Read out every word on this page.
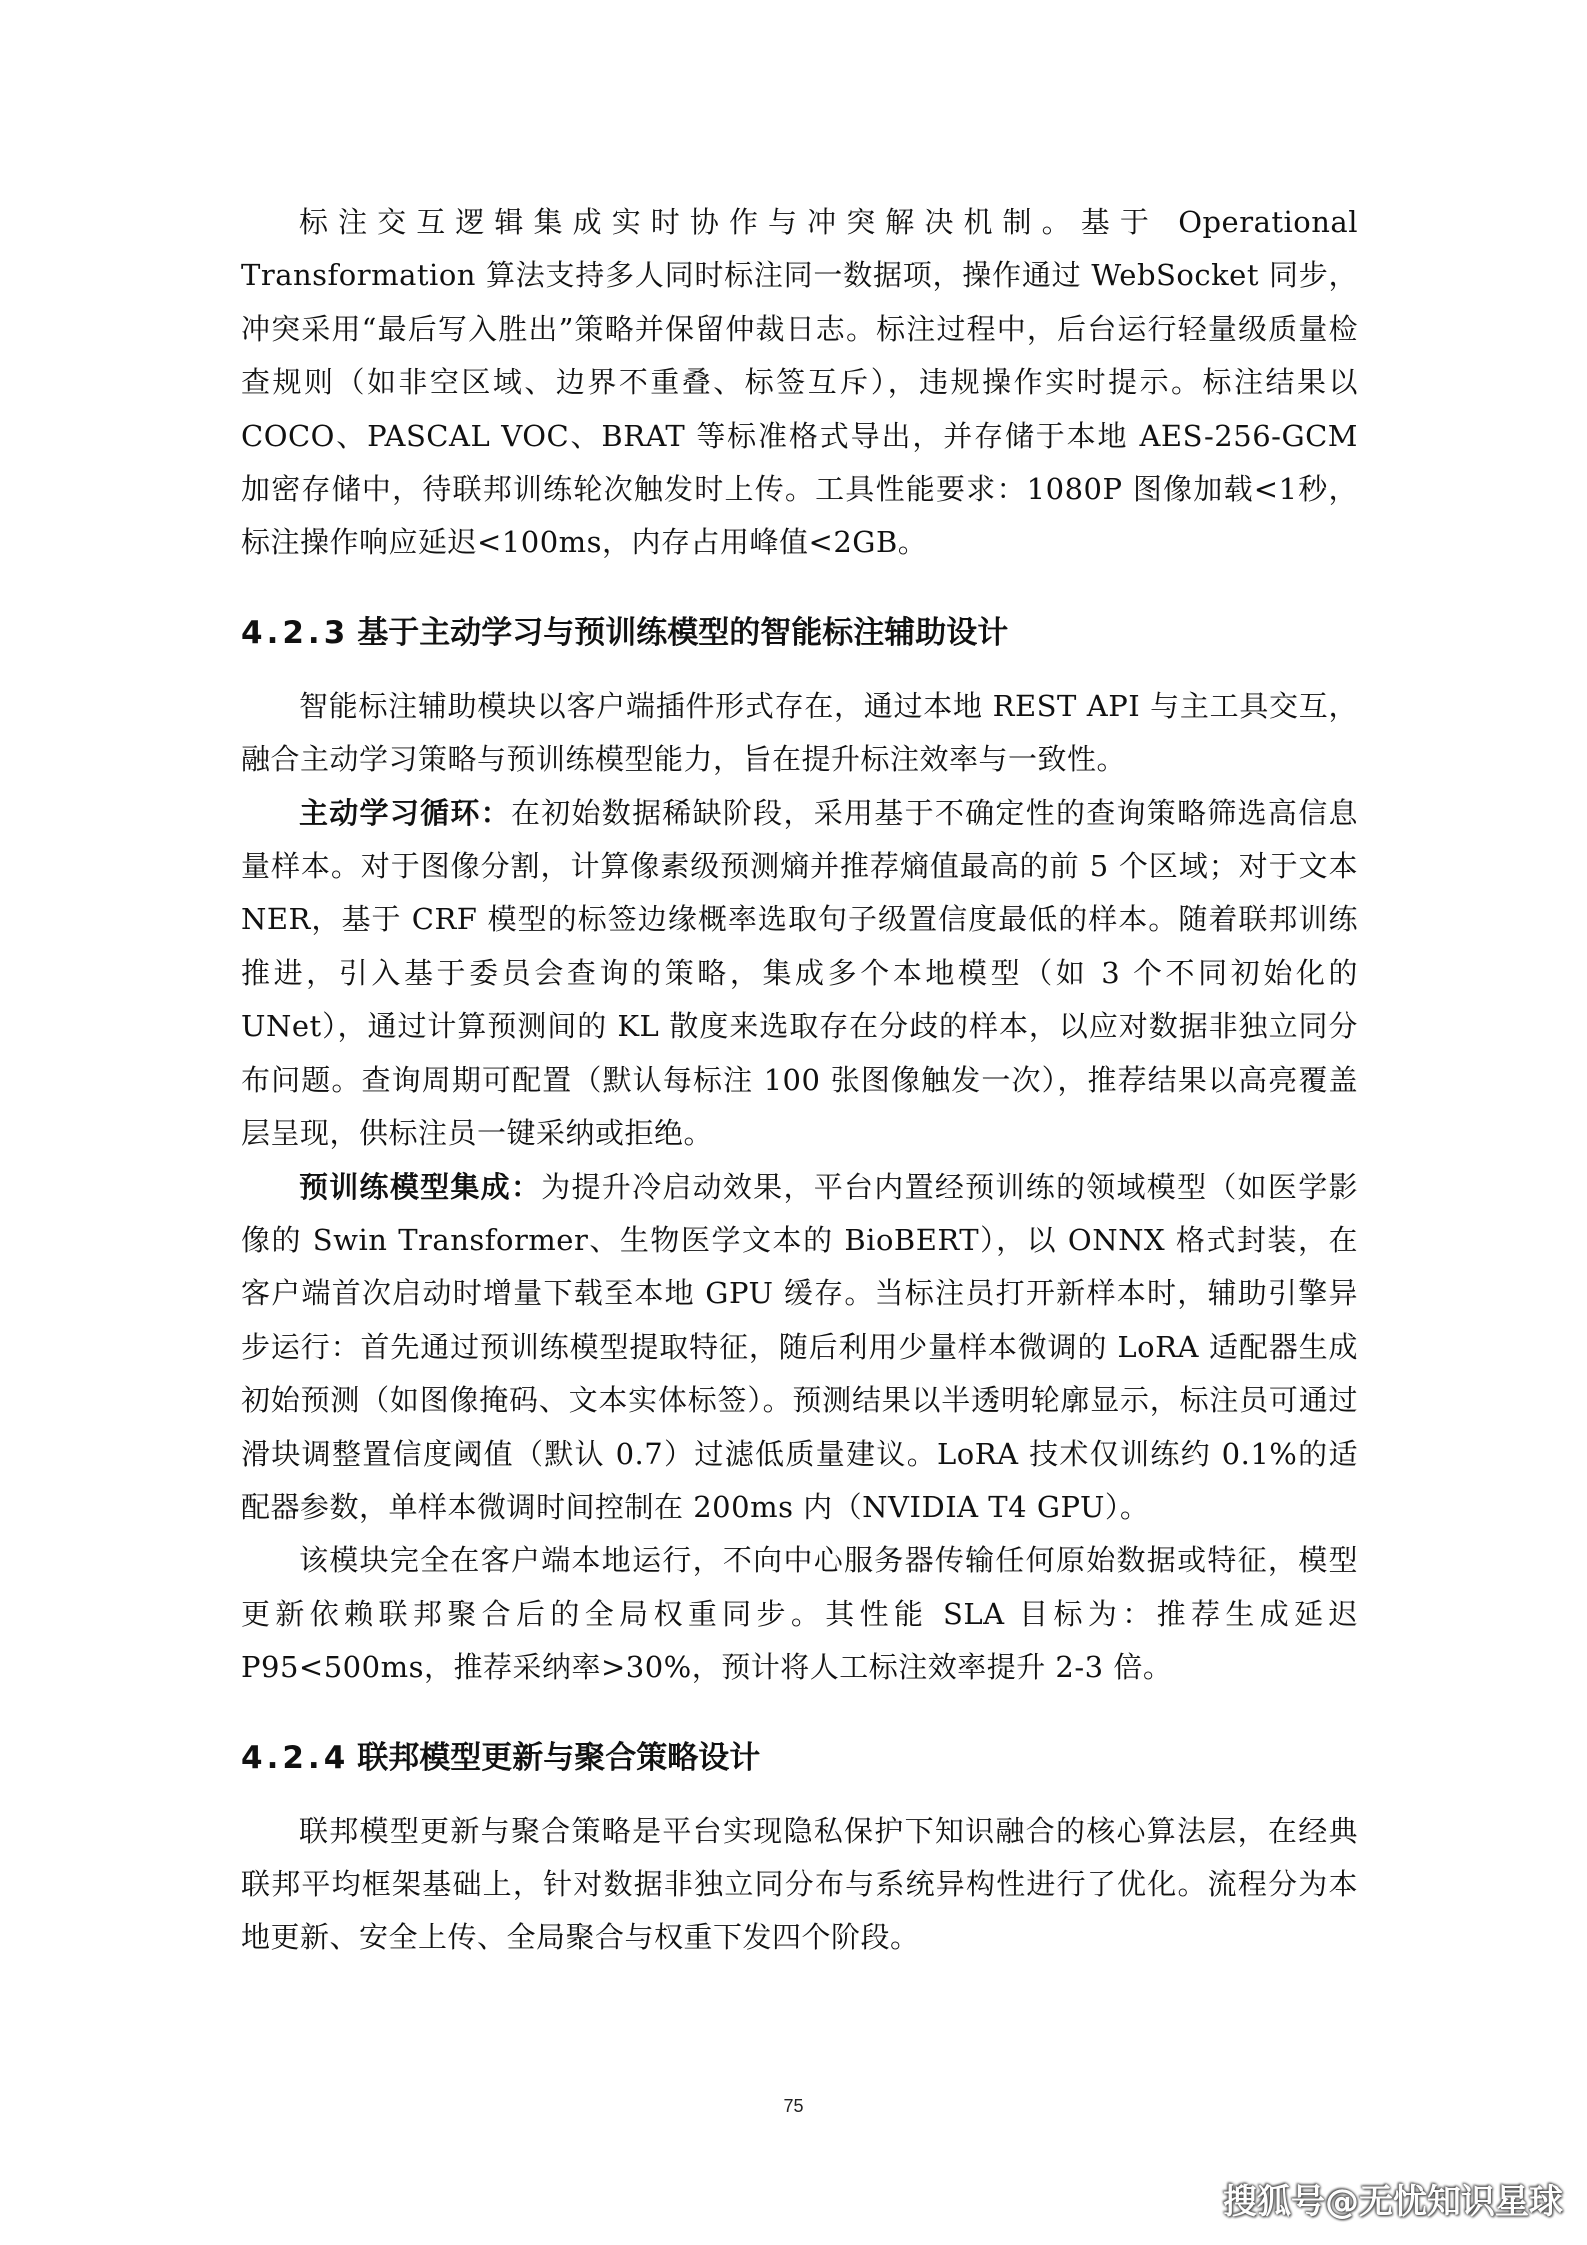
标注交互逻辑集成实时协作与冲突解决机制。基于 Operational Transformation 算法支持多人同时标注同一数据项，操作通过 WebSocket 同步，冲突采用“最后写入胜出”策略并保留仲裁日志。标注过程中，后台运行轻量级质量检查规则（如非空区域、边界不重叠、标签互斥），违规操作实时提示。标注结果以 COCO、PASCAL VOC、BRAT 等标准格式导出，并存储于本地 AES-256-GCM 加密存储中，待联邦训练轮次触发时上传。工具性能要求：1080P 图像加载<1秒，标注操作响应延迟<100ms，内存占用峰值<2GB。

4.2.3 基于主动学习与预训练模型的智能标注辅助设计

智能标注辅助模块以客户端插件形式存在，通过本地 REST API 与主工具交互，融合主动学习策略与预训练模型能力，旨在提升标注效率与一致性。

主动学习循环：在初始数据稀缺阶段，采用基于不确定性的查询策略筛选高信息量样本。对于图像分割，计算像素级预测熵并推荐熵值最高的前 5 个区域；对于文本 NER，基于 CRF 模型的标签边缘概率选取句子级置信度最低的样本。随着联邦训练推进，引入基于委员会查询的策略，集成多个本地模型（如 3 个不同初始化的 UNet），通过计算预测间的 KL 散度来选取存在分歧的样本，以应对数据非独立同分布问题。查询周期可配置（默认每标注 100 张图像触发一次），推荐结果以高亮覆盖层呈现，供标注员一键采纳或拒绝。

预训练模型集成：为提升冷启动效果，平台内置经预训练的领域模型（如医学影像的 Swin Transformer、生物医学文本的 BioBERT），以 ONNX 格式封装，在客户端首次启动时增量下载至本地 GPU 缓存。当标注员打开新样本时，辅助引擎异步运行：首先通过预训练模型提取特征，随后利用少量样本微调的 LoRA 适配器生成初始预测（如图像掩码、文本实体标签）。预测结果以半透明轮廓显示，标注员可通过滑块调整置信度阈值（默认 0.7）过滤低质量建议。LoRA 技术仅训练约 0.1%的适配器参数，单样本微调时间控制在 200ms 内（NVIDIA T4 GPU）。

该模块完全在客户端本地运行，不向中心服务器传输任何原始数据或特征，模型更新依赖联邦聚合后的全局权重同步。其性能 SLA 目标为：推荐生成延迟 P95<500ms，推荐采纳率>30%，预计将人工标注效率提升 2-3 倍。

4.2.4 联邦模型更新与聚合策略设计

联邦模型更新与聚合策略是平台实现隐私保护下知识融合的核心算法层，在经典联邦平均框架基础上，针对数据非独立同分布与系统异构性进行了优化。流程分为本地更新、安全上传、全局聚合与权重下发四个阶段。

75
搜狐号@无忧知识星球
